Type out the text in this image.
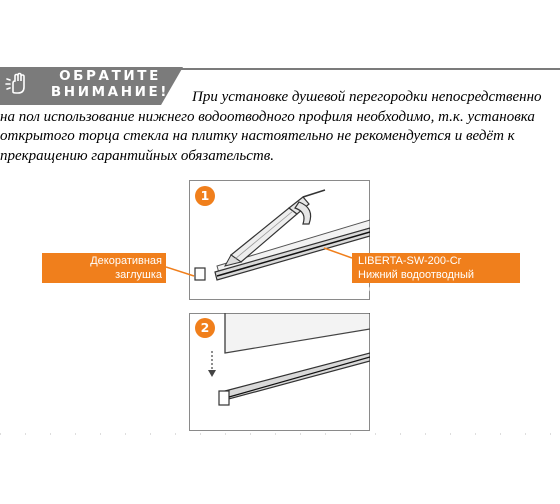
ОБРАТИТЕ
ВНИМАНИЕ!	При установке душевой перегородки непосредственно
на пол использование нижнего водоотводного профиля необходимо, т.к. установка
открытого торца стекла на плитку настоятельно не рекомендуется и ведёт к
прекращению гарантийных обязательств.
1
Декоративная заглушка
профиля
LIBERTA-SW-200-Cr
Нижний водоотводный профиль
2
